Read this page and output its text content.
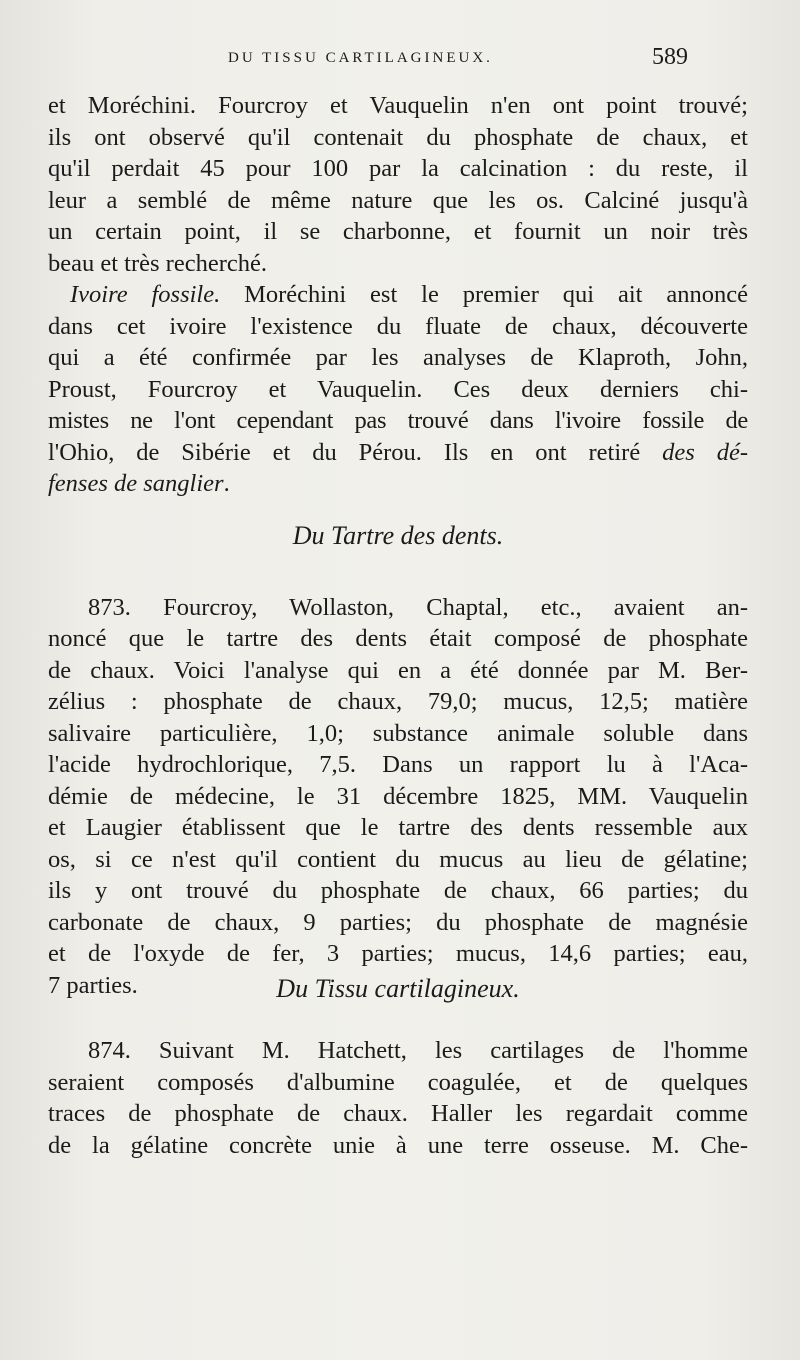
DU TISSU CARTILAGINEUX.	589
et Moréchini. Fourcroy et Vauquelin n'en ont point trouvé;
ils ont observé qu'il contenait du phosphate de chaux, et
qu'il perdait 45 pour 100 par la calcination : du reste, il
leur a semblé de même nature que les os. Calciné jusqu'à
un certain point, il se charbonne, et fournit un noir très
beau et très recherché.
Ivoire fossile. Moréchini est le premier qui ait annoncé
dans cet ivoire l'existence du fluate de chaux, découverte
qui a été confirmée par les analyses de Klaproth, John,
Proust, Fourcroy et Vauquelin. Ces deux derniers chi-
mistes ne l'ont cependant pas trouvé dans l'ivoire fossile de
l'Ohio, de Sibérie et du Pérou. Ils en ont retiré des dé-
fenses de sanglier.
Du Tartre des dents.
873. Fourcroy, Wollaston, Chaptal, etc., avaient an-
noncé que le tartre des dents était composé de phosphate
de chaux. Voici l'analyse qui en a été donnée par M. Ber-
zélius : phosphate de chaux, 79,0; mucus, 12,5; matière
salivaire particulière, 1,0; substance animale soluble dans
l'acide hydrochlorique, 7,5. Dans un rapport lu à l'Aca-
démie de médecine, le 31 décembre 1825, MM. Vauquelin
et Laugier établissent que le tartre des dents ressemble aux
os, si ce n'est qu'il contient du mucus au lieu de gélatine;
ils y ont trouvé du phosphate de chaux, 66 parties; du
carbonate de chaux, 9 parties; du phosphate de magnésie
et de l'oxyde de fer, 3 parties; mucus, 14,6 parties; eau,
7 parties.	Du Tissu cartilagineux.
874. Suivant M. Hatchett, les cartilages de l'homme
seraient composés d'albumine coagulée, et de quelques
traces de phosphate de chaux. Haller les regardait comme
de la gélatine concrète unie à une terre osseuse. M. Che-
